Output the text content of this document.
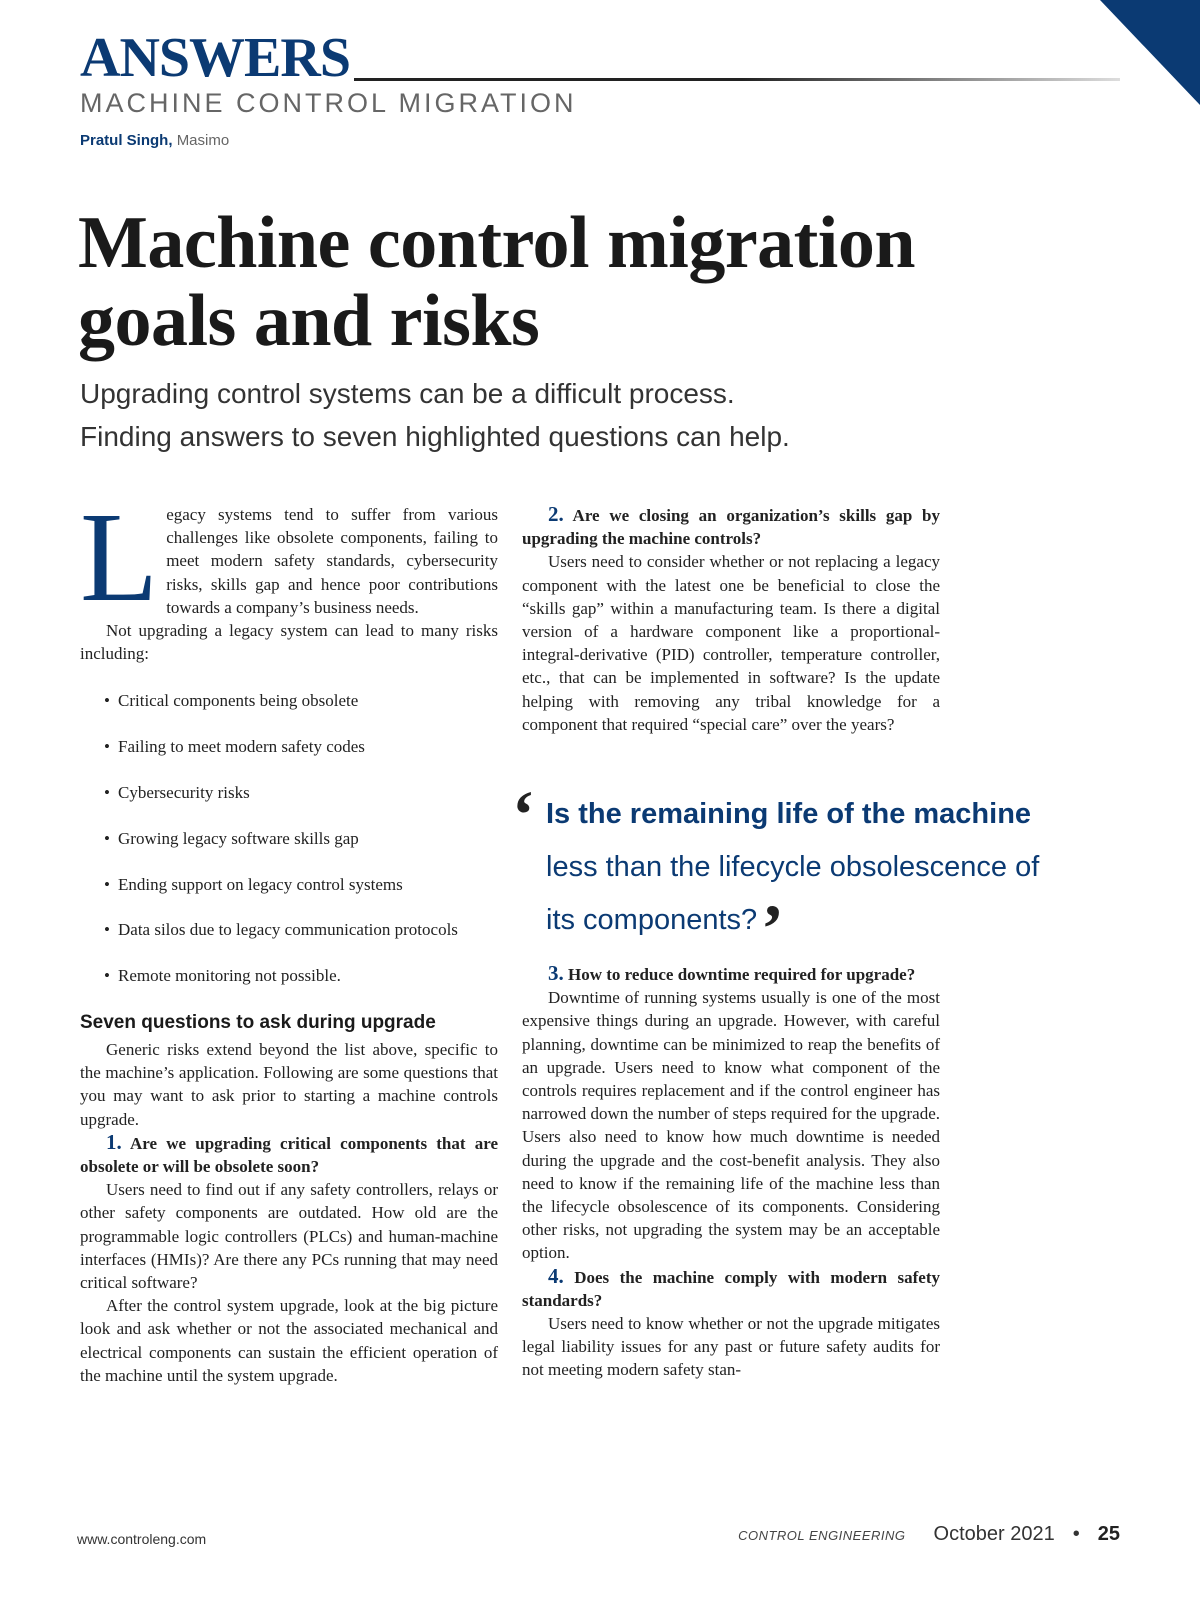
ANSWERS
MACHINE CONTROL MIGRATION
Pratul Singh, Masimo
Machine control migration
goals and risks
Upgrading control systems can be a difficult process.
Finding answers to seven highlighted questions can help.
L egacy systems tend to suffer from various challenges like obsolete components, failing to meet modern safety standards, cybersecurity risks, skills gap and hence poor contributions towards a company’s business needs.

Not upgrading a legacy system can lead to many risks including:

• Critical components being obsolete
• Failing to meet modern safety codes
• Cybersecurity risks
• Growing legacy software skills gap
• Ending support on legacy control systems
• Data silos due to legacy communication protocols
• Remote monitoring not possible.
Seven questions to ask during upgrade

Generic risks extend beyond the list above, specific to the machine’s application. Following are some questions that you may want to ask prior to starting a machine controls upgrade.

1. Are we upgrading critical components that are obsolete or will be obsolete soon?

Users need to find out if any safety controllers, relays or other safety components are outdated. How old are the programmable logic controllers (PLCs) and human-machine interfaces (HMIs)? Are there any PCs running that may need critical software?

After the control system upgrade, look at the big picture look and ask whether or not the associated mechanical and electrical components can sustain the efficient operation of the machine until the system upgrade.

2. Are we closing an organization’s skills gap by upgrading the machine controls?

Users need to consider whether or not replacing a legacy component with the latest one be beneficial to close the “skills gap” within a manufacturing team. Is there a digital version of a hardware component like a proportional-integral-derivative (PID) controller, temperature controller, etc., that can be implemented in software? Is the update helping with removing any tribal knowledge for a component that required “special care” over the years?

3. How to reduce downtime required for upgrade?

Downtime of running systems usually is one of the most expensive things during an upgrade. However, with careful planning, downtime can be minimized to reap the benefits of an upgrade. Users need to know what component of the controls requires replacement and if the control engineer has narrowed down the number of steps required for the upgrade. Users also need to know how much downtime is needed during the upgrade and the cost-benefit analysis. They also need to know if the remaining life of the machine less than the lifecycle obsolescence of its components. Considering other risks, not upgrading the system may be an acceptable option.

4. Does the machine comply with modern safety standards?

Users need to know whether or not the upgrade mitigates legal liability issues for any past or future safety audits for not meeting modern safety stan-

‘ Is the remaining life of the machine
less than the lifecycle obsolescence of
its components?’
www.controleng.com	CONTROL ENGINEERING October 2021 • 25
